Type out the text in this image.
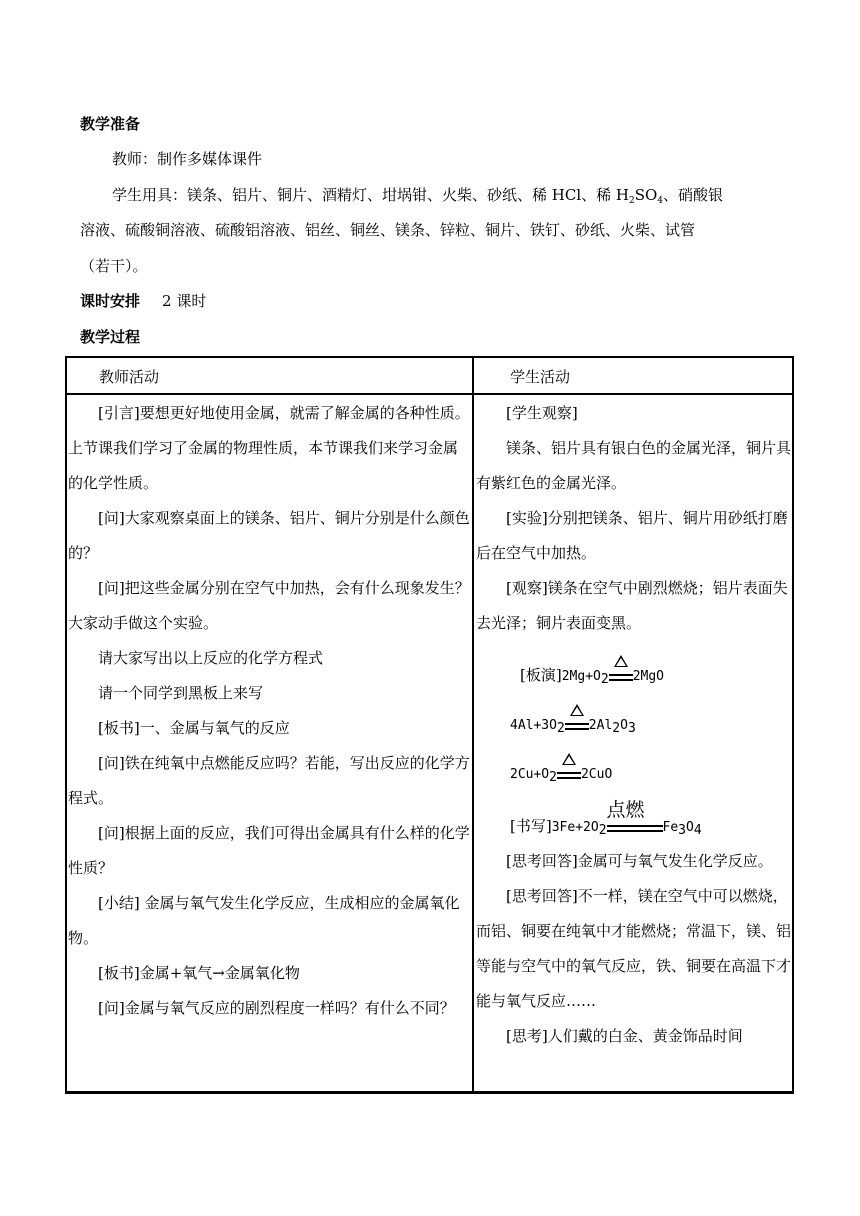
教学准备
教师：制作多媒体课件
学生用具：镁条、铝片、铜片、酒精灯、坩埚钳、火柴、砂纸、稀 HCl、稀 $H_2SO_4$、硝酸银
溶液、硫酸铜溶液、硫酸铝溶液、铝丝、铜丝、镁条、锌粒、铜片、铁钉、砂纸、火柴、试管
（若干）。
课时安排 2 课时
教学过程
教师活动	学生活动

[引言]要想更好地使用金属，就需了解金属的各种性质。上节课我们学习了金属的物理性质，本节课我们来学习金属的化学性质。

[问]大家观察桌面上的镁条、铝片、铜片分别是什么颜色的？

[问]把这些金属分别在空气中加热，会有什么现象发生？大家动手做这个实验。

请大家写出以上反应的化学方程式

请一个同学到黑板上来写

[板书]一、金属与氧气的反应

[问]铁在纯氧中点燃能反应吗？若能，写出反应的化学方程式。

[问]根据上面的反应，我们可得出金属具有什么样的化学性质？

[小结] 金属与氧气发生化学反应，生成相应的金属氧化物。

[板书]金属+氧气→金属氧化物

[问]金属与氧气反应的剧烈程度一样吗？有什么不同？

[学生观察]

镁条、铝片具有银白色的金属光泽，铜片具有紫红色的金属光泽。

[实验]分别把镁条、铝片、铜片用砂纸打磨后在空气中加热。

[观察]镁条在空气中剧烈燃烧；铝片表面失去光泽；铜片表面变黑。

[板演]$2Mg+O_2$ 2MgO
$4Al+3O_2$ $2Al_2O_3$
$2Cu+O_2$ 2CuO
[书写]$3Fe+2O_2$
点燃
$Fe_3O_4$

[思考回答]金属可与氧气发生化学反应。

[思考回答]不一样，镁在空气中可以燃烧，而铝、铜要在纯氧中才能燃烧；常温下，镁、铝等能与空气中的氧气反应，铁、铜要在高温下才能与氧气反应……

[思考]人们戴的白金、黄金饰品时间
